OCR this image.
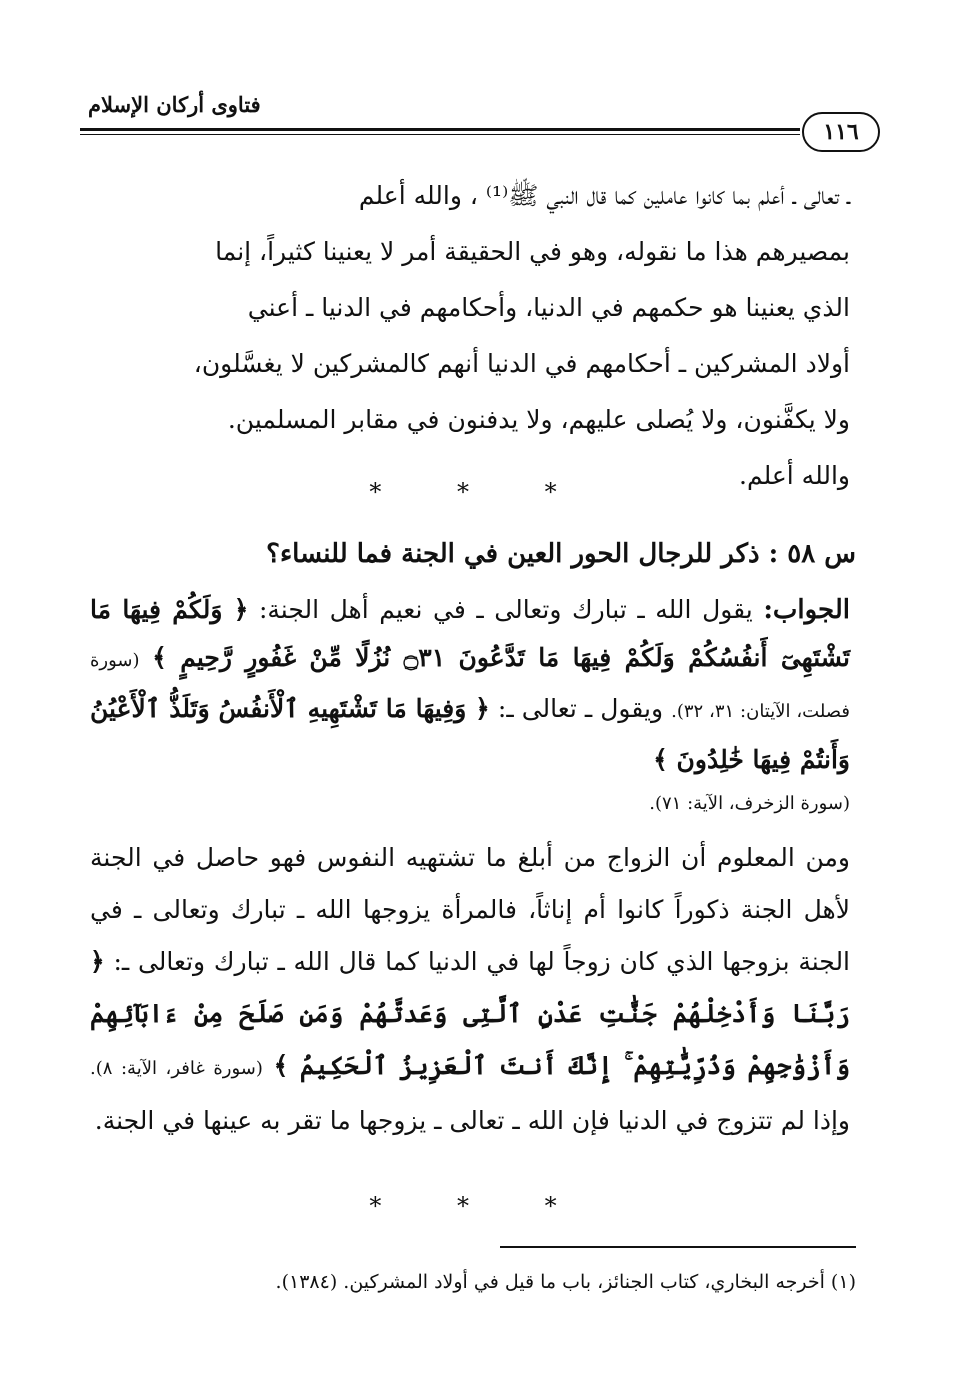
فتاوى أركان الإسلام
١١٦

ـ تعالى ـ أعلم بما كانوا عاملين كما قال النبي ﷺ⁽¹⁾ ، والله أعلم

بمصيرهم هذا ما نقوله، وهو في الحقيقة أمر لا يعنينا كثيراً، إنما

الذي يعنينا هو حكمهم في الدنيا، وأحكامهم في الدنيا ـ أعني

أولاد المشركين ـ أحكامهم في الدنيا أنهم كالمشركين لا يغسَّلون،

ولا يكفَّنون، ولا يُصلى عليهم، ولا يدفنون في مقابر المسلمين.

والله أعلم.

* * *
س ٥٨ : ذكر للرجال الحور العين في الجنة فما للنساء؟

الجواب: يقول الله ـ تبارك وتعالى ـ في نعيم أهل الجنة: ﴿ وَلَكُمْ فِيهَا مَا تَشْتَهِىٓ أَنفُسُكُمْ وَلَكُمْ فِيهَا مَا تَدَّعُونَ ۝٣١ نُزُلًا مِّنْ غَفُورٍ رَّحِيمٍ ﴾ (سورة فصلت، الآيتان: ٣١، ٣٢). ويقول ـ تعالى ـ: ﴿ وَفِيهَا مَا تَشْتَهِيهِ ٱلْأَنفُسُ وَتَلَذُّ ٱلْأَعْيُنُ وَأَنتُمْ فِيهَا خَٰلِدُونَ ﴾

(سورة الزخرف، الآية: ٧١).

ومن المعلوم أن الزواج من أبلغ ما تشتهيه النفوس فهو حاصل في الجنة لأهل الجنة ذكوراً كانوا أم إناثاً، فالمرأة يزوجها الله ـ تبارك وتعالى ـ في الجنة بزوجها الذي كان زوجاً لها في الدنيا كما قال الله ـ تبارك وتعالى ـ: ﴿ رَبَّنَا وَأَدْخِلْهُمْ جَنَّٰتِ عَدْنٍ ٱلَّتِى وَعَدتَّهُمْ وَمَن صَلَحَ مِنْ ءَابَآئِهِمْ وَأَزْوَٰجِهِمْ وَذُرِّيَّٰتِهِمْ ۚ إِنَّكَ أَنتَ ٱلْعَزِيزُ ٱلْحَكِيمُ ﴾ (سورة غافر، الآية: ٨). وإذا لم تتزوج في الدنيا فإن الله ـ تعالى ـ يزوجها ما تقر به عينها في الجنة.

* * *
(١) أخرجه البخاري، كتاب الجنائز، باب ما قيل في أولاد المشركين. (١٣٨٤).
